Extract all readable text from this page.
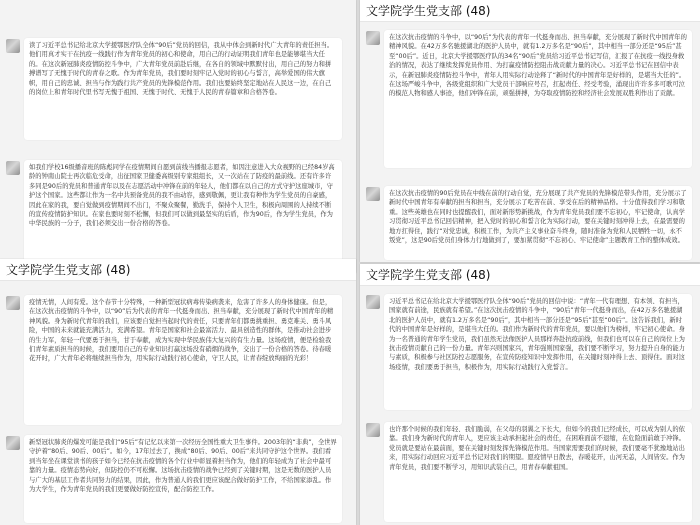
读了习近平总书记给北京大学援鄂医疗队全体“90后”党员的回信，我从中体会到新时代广大青年的责任担当。他们用真才实干在抗疫一线践行作为青年党员的初心和使命，用自己的行动证明我们青年也是能够堪当大任的。在这次新冠肺炎疫情防控斗争中，广大青年党员前赴后继，在各自的领域中默默付出，用自己的努力和拼搏谱写了无愧于时代的青春之歌。作为青年党员，我们要时刻牢记入党时的初心与誓言，高举爱国的伟大旗帜，用自己的忠诚、担当与作为践行共产党员的先锋模范作用。我们也要始终坚定地站在人民这一边，在自己的岗位上和青年时代里书写无愧于祖国、无愧于时代、无愧于人民的青春篇章和合格答卷。
如我们学校16级播音班的陈彪同学在疫情期间自愿到前线当播报志愿者，如因注意进入大众视野的已经84岁高龄的钟南山院士再次临危受命，出征国家卫健委高级别专家组组长，又一次站在了防疫的最前线。还有许多许多同是90后的党员和普通青年以及在志愿活动中冲锋在前的年轻人，他们都在以自己的方式守护这座城市，守护这个国家。这些都让作为一名中共预备党员的我不由动容，感到敬佩，更让我有种作为学生党员的自豪感，因此在家的我，要自觉做到疫情期间不出门，不聚众聚餐，勤洗手，保持个人卫生，积极向周围的人持续不断的宣传疫情防护知识。在家也要时刻不松懈，但我们可以做到最坚实的后盾，作为90后，作为学生党员，作为中华民族的一分子，我们必须交出一份合格的答卷。
文学院学生党支部 (48)
在这次抗击疫情的斗争中，以“90后”为代表的青年一代挺身而出、担当奉献，充分展现了新时代中国青年的精神风貌。在42万多名驰援湖北的医护人员中，就有1.2万多名是“90后”，其中相当一部分还是“95后”甚至“00后”。近日，北京大学援鄂医疗队的34名“90后”党员给习近平总书记写信，汇报了在抗疫一线投身救治的情况，表达了继续发挥党员作用、为打赢疫情防控阻击战贡献力量的决心。习近平总书记在回信中表示，在新冠肺炎疫情防控斗争中，青年人用实际行动诠释了“新时代的中国青年是好样的，是堪当大任的”。在这场严峻斗争中，各级党组织和广大党员干部响应号召，扛起责任、经受考验，涌现出许许多多可歌可泣的模范人物和感人事迹，他们冲锋在前，顽强拼搏，为夺取疫情防控和经济社会发展双胜利作出了贡献。
在这次抗击疫情的90后党员在中线在前的行动自觉，充分展现了共产党员的先锋模范带头作用，充分展示了新时代中国青年有奉献的担当和担当，充分展示了吃苦在前、享受在后的精神品格。十分值得我们学习和敬重。这些英雄也在同时也提醒我们，面对新形势新挑战，作为青年党员我们要不忘初心，牢记使命，认真学习贯彻习近平总书记回信精神，把入党时的初心和誓言化为实际行动，要在关键时刻冲得上去，在最需要的地方扛得住，践行“对党忠诚，积极工作，为共产主义事业奋斗终身，随时准备为党和人民牺牲一切，永不叛党”，这是90后党员们身体力行地做到了，要加紧贯彻“不忘初心、牢记使命”主题教育工作的整体成效。
文学院学生党支部 (48)
疫情无情，人间有爱。这个春节十分特殊，一种新型冠状病毒传染病袭来，危害了许多人的身体健康。但是，在这次抗击疫情的斗争中，以“90”后为代表的青年一代挺身而出、担当奉献，充分展现了新时代中国青年的精神风貌。身为新时代青年的我们，应该要自觉担当起时代的责任，只要青年们都勇挑重担、勇克难关、勇斗风险，中国的未来就能充满活力，充满希望。青年是国家和社会最富活力、最具创造性的群体，是推动社会进步的生力军，年轻一代要勇于担当，甘于奉献，成为实现中华民族伟大复兴的有生力量。这场疫情，便是检验我们青年素质担当的时候，我们要用自己的专业知识打赢这场没有硝烟的战争，交出了一份合格的答卷。待春暖花开时，广大青年必将继续担当作为，用实际行动践行初心使命，守卫人民，让青春绽放绚丽的光彩！
新型冠状肺炎的爆发可能是我们“95后”有记忆以来第一次经历全国性重大卫生事件。2003年的“非典”，全世界守护着“80后、90后、00后”。如今，17年过去了，换成“80后、90后、00后”来共同守护这个世界。我们看到当年坐在课堂读书的孩子如今已经在抗击疫情的各个行业中彰显着担当作为，他们的年轻成为了社会中最可靠的力量。疫情态势向好，但防控仍不可松懈。这场抗击疫情的战争已经到了关键时期，这是无数的医护人员与广大的基层工作者共同努力的结果，因此，作为普通人的我们更应该配合做好防护工作，不给国家添乱。作为大学生，作为青年党员的我们更要做好防控宣传，配合防控工作。
文学院学生党支部 (48)
习近平总书记在给北京大学援鄂医疗队全体“90后”党员的回信中说：“青年一代有理想、有本领、有担当，国家就有前途，民族就有希望。”在这次抗击疫情的斗争中，“90后”青年一代挺身而出，在42万多名驰援湖北的医护人员中，就有1.2万多名是“90后”，其中相当一部分还是“95后”甚至“00后”。这告诉我们，新时代的中国青年是好样的，是堪当大任的。我们作为新时代的青年党员，要以他们为榜样，牢记初心使命。身为一名普通的青年学生党员，我们虽然无法像医护人员那样奔赴抗疫前线，但我们也可以在自己的岗位上为抗击疫情贡献自己的一份力量。青年兴则国家兴，青年强则国家强，我们要不断学习，努力提升自身的能力与素质，积极参与社区防控志愿服务，在宣传防疫知识中发挥作用，在关键时刻冲得上去、顶得住。面对这场疫情，我们要勇于担当，积极作为，用实际行动践行入党誓言。
也许那个时候的我们年轻、我们脆弱，在父母的羽翼之下长大，但如今的我们已经成长，可以成为别人的依靠。我们身为新时代的青年人，更应该主动承担起社会的责任，在困难面前不退缩，在危险面前敢于冲锋。党员就是要站在最前面，要在关键时刻发挥先锋模范作用。当国家需要我们的时候，我们要毫不犹豫地站出来，用实际行动回应习近平总书记对我们的期望。愿疫情早日散去，春暖花开，山河无恙，人间皆安。作为青年党员，我们要不断学习，用知识武装自己，用青春奉献祖国。
